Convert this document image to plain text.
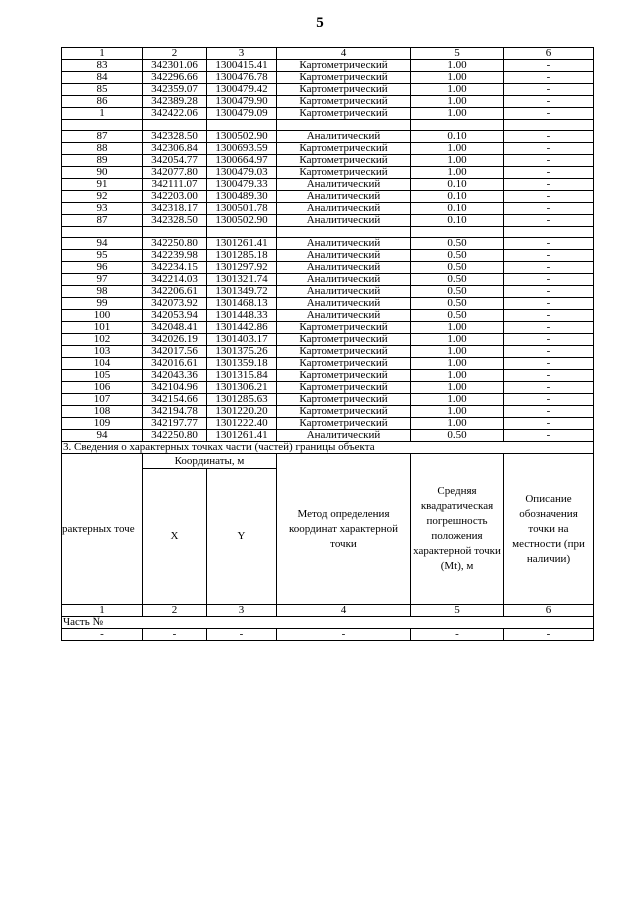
5
1	2	3	4	5	6
83	342301.06	1300415.41	Картометрический	1.00	-
84	342296.66	1300476.78	Картометрический	1.00	-
85	342359.07	1300479.42	Картометрический	1.00	-
86	342389.28	1300479.90	Картометрический	1.00	-
1	342422.06	1300479.09	Картометрический	1.00	-

87	342328.50	1300502.90	Аналитический	0.10	-
88	342306.84	1300693.59	Картометрический	1.00	-
89	342054.77	1300664.97	Картометрический	1.00	-
90	342077.80	1300479.03	Картометрический	1.00	-
91	342111.07	1300479.33	Аналитический	0.10	-
92	342203.00	1300489.30	Аналитический	0.10	-
93	342318.17	1300501.78	Аналитический	0.10	-
87	342328.50	1300502.90	Аналитический	0.10	-

94	342250.80	1301261.41	Аналитический	0.50	-
95	342239.98	1301285.18	Аналитический	0.50	-
96	342234.15	1301297.92	Аналитический	0.50	-
97	342214.03	1301321.74	Аналитический	0.50	-
98	342206.61	1301349.72	Аналитический	0.50	-
99	342073.92	1301468.13	Аналитический	0.50	-
100	342053.94	1301448.33	Аналитический	0.50	-
101	342048.41	1301442.86	Картометрический	1.00	-
102	342026.19	1301403.17	Картометрический	1.00	-
103	342017.56	1301375.26	Картометрический	1.00	-
104	342016.61	1301359.18	Картометрический	1.00	-
105	342043.36	1301315.84	Картометрический	1.00	-
106	342104.96	1301306.21	Картометрический	1.00	-
107	342154.66	1301285.63	Картометрический	1.00	-
108	342194.78	1301220.20	Картометрический	1.00	-
109	342197.77	1301222.40	Картометрический	1.00	-
94	342250.80	1301261.41	Аналитический	0.50	-
3. Сведения о характерных точках части (частей) границы объекта					
рактерных точе	Координаты, м		Метод определения координат характерной точки	Средняя квадратическая погрешность положения характерной точки (Mt), м	Описание обозначения точки на местности (при наличии)
	X	Y			
1	2	3	4	5	6
Часть №					
-	-	-	-	-	-
